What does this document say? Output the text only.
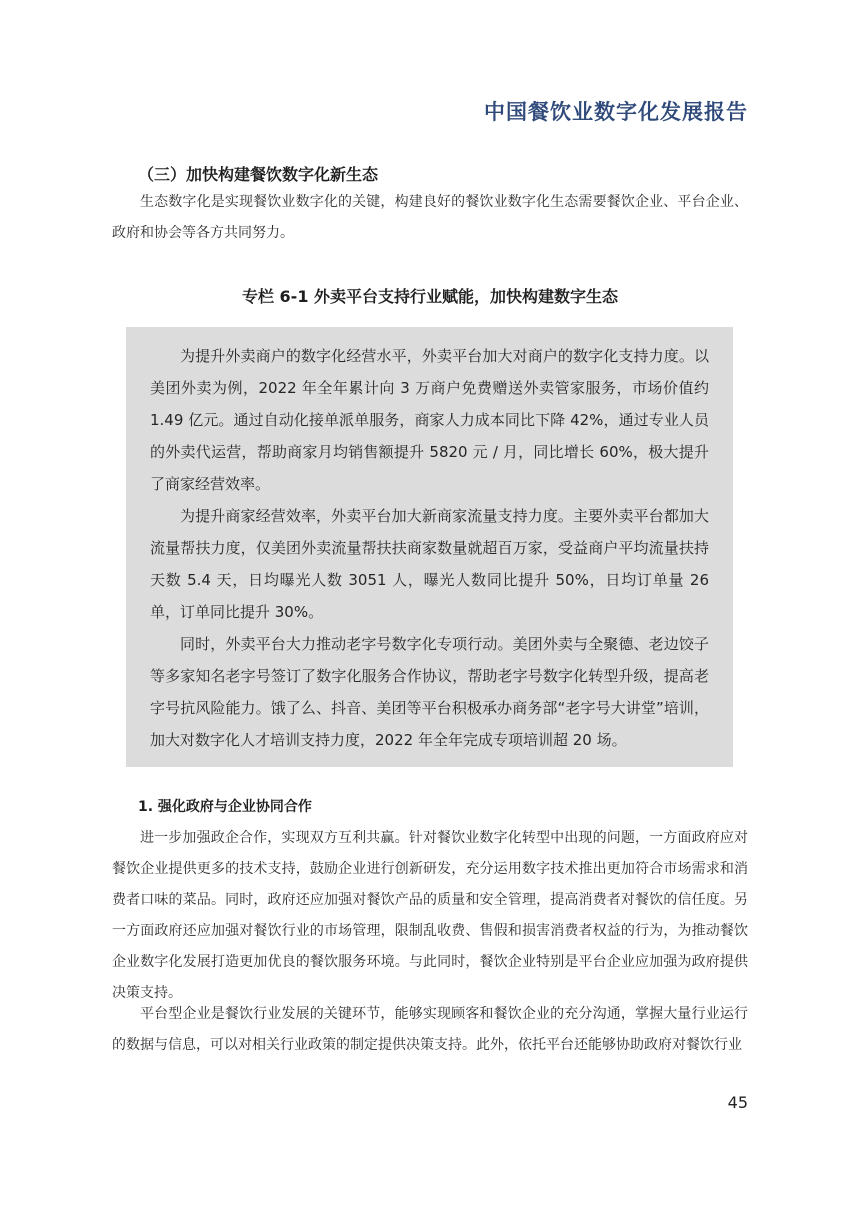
中国餐饮业数字化发展报告
（三）加快构建餐饮数字化新生态

生态数字化是实现餐饮业数字化的关键，构建良好的餐饮业数字化生态需要餐饮企业、平台企业、政府和协会等各方共同努力。

专栏 6-1 外卖平台支持行业赋能，加快构建数字生态

为提升外卖商户的数字化经营水平，外卖平台加大对商户的数字化支持力度。以美团外卖为例，2022 年全年累计向 3 万商户免费赠送外卖管家服务，市场价值约 1.49 亿元。通过自动化接单派单服务，商家人力成本同比下降 42%，通过专业人员的外卖代运营，帮助商家月均销售额提升 5820 元 / 月，同比增长 60%，极大提升了商家经营效率。

为提升商家经营效率，外卖平台加大新商家流量支持力度。主要外卖平台都加大流量帮扶力度，仅美团外卖流量帮扶扶商家数量就超百万家，受益商户平均流量扶持天数 5.4 天，日均曝光人数 3051 人，曝光人数同比提升 50%，日均订单量 26 单，订单同比提升 30%。

同时，外卖平台大力推动老字号数字化专项行动。美团外卖与全聚德、老边饺子等多家知名老字号签订了数字化服务合作协议，帮助老字号数字化转型升级，提高老字号抗风险能力。饿了么、抖音、美团等平台积极承办商务部“老字号大讲堂”培训，加大对数字化人才培训支持力度，2022 年全年完成专项培训超 20 场。

1. 强化政府与企业协同合作

进一步加强政企合作，实现双方互利共赢。针对餐饮业数字化转型中出现的问题，一方面政府应对餐饮企业提供更多的技术支持，鼓励企业进行创新研发，充分运用数字技术推出更加符合市场需求和消费者口味的菜品。同时，政府还应加强对餐饮产品的质量和安全管理，提高消费者对餐饮的信任度。另一方面政府还应加强对餐饮行业的市场管理，限制乱收费、售假和损害消费者权益的行为，为推动餐饮企业数字化发展打造更加优良的餐饮服务环境。与此同时，餐饮企业特别是平台企业应加强为政府提供决策支持。

平台型企业是餐饮行业发展的关键环节，能够实现顾客和餐饮企业的充分沟通，掌握大量行业运行的数据与信息，可以对相关行业政策的制定提供决策支持。此外，依托平台还能够协助政府对餐饮行业

45
